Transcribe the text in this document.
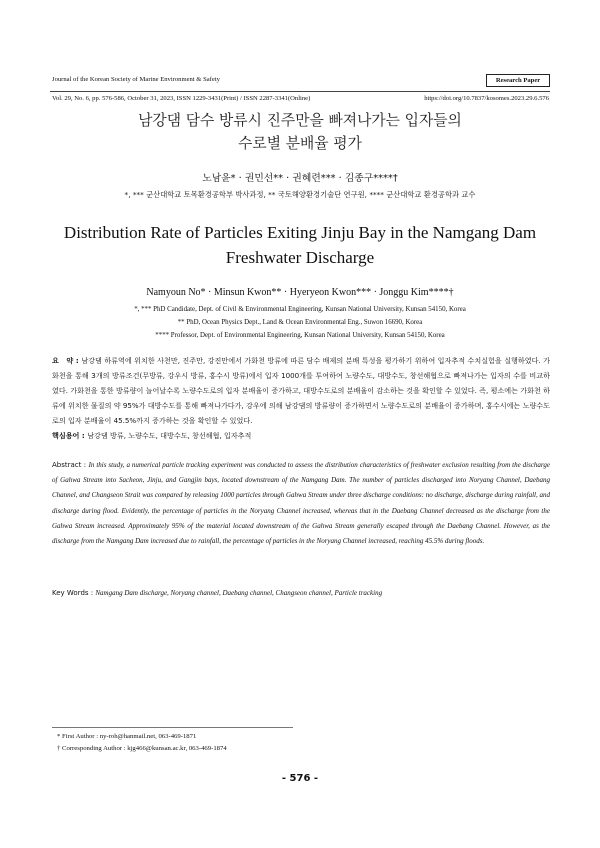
Journal of the Korean Society of Marine Environment & Safety	Research Paper
Vol. 29, No. 6, pp. 576-586, October 31, 2023, ISSN 1229-3431(Print) / ISSN 2287-3341(Online)	https://doi.org/10.7837/kosomes.2023.29.6.576
남강댐 담수 방류시 진주만을 빠져나가는 입자들의
수로별 분배율 평가
노남윤* · 권민선** · 권혜련*** · 김종구****†
*, *** 군산대학교 토목환경공학부 박사과정, ** 국토해양환경기술단 연구원, **** 군산대학교 환경공학과 교수
Distribution Rate of Particles Exiting Jinju Bay in the Namgang Dam
Freshwater Discharge
Namyoun No* · Minsun Kwon** · Hyeryeon Kwon*** · Jonggu Kim****†
*, *** PhD Candidate, Dept. of Civil & Environmental Engineering, Kunsan National University, Kunsan 54150, Korea
** PhD, Ocean Physics Dept., Land & Ocean Environmental Eng., Suwon 16690, Korea
**** Professor, Dept. of Environmental Engineering, Kunsan National University, Kunsan 54150, Korea
요　약 : 남강댐 하류역에 위치한 사천만, 진주만, 강진만에서 가화천 방류에 따른 담수 배제의 분배 특성을 평가하기 위하여 입자추적 수치실험을 실행하였다. 가화천을 통해 3개의 방류조건(무방류, 강우시 방류, 홍수시 방류)에서 입자 1000개를 투여하여 노량수도, 대방수도, 창선해협으로 빠져나가는 입자의 수를 비교하였다. 가화천을 통한 방류량이 늘어날수록 노량수도로의 입자 분배율이 증가하고, 대방수도로의 분배율이 감소하는 것을 확인할 수 있었다. 즉, 평소에는 가화천 하류에 위치한 물질의 약 95%가 대방수도를 통해 빠져나가다가, 강우에 의해 남강댐의 방류량이 증가하면서 노량수도로의 분배율이 증가하며, 홍수시에는 노량수도로의 입자 분배율이 45.5%까지 증가하는 것을 확인할 수 있었다.
핵심용어 : 남강댐 방류, 노량수도, 대방수도, 창선해협, 입자추적
Abstract : In this study, a numerical particle tracking experiment was conducted to assess the distribution characteristics of freshwater exclusion resulting from the discharge of Gahwa Stream into Sacheon, Jinju, and Gangjin bays, located downstream of the Namgang Dam. The number of particles discharged into Noryang Channel, Daebang Channel, and Changseon Strait was compared by releasing 1000 particles through Gahwa Stream under three discharge conditions: no discharge, discharge during rainfall, and discharge during flood. Evidently, the percentage of particles in the Noryang Channel increased, whereas that in the Daebang Channel decreased as the discharge from the Gahwa Stream increased. Approximately 95% of the material located downstream of the Gahwa Stream generally escaped through the Daebang Channel. However, as the discharge from the Namgang Dam increased due to rainfall, the percentage of particles in the Noryang Channel increased, reaching 45.5% during floods.
Key Words : Namgang Dam discharge, Noryang channel, Daebang channel, Changseon channel, Particle tracking
* First Author : ny-roh@hanmail.net, 063-469-1871
† Corresponding Author : kjg466@kunsan.ac.kr, 063-469-1874
- 576 -
